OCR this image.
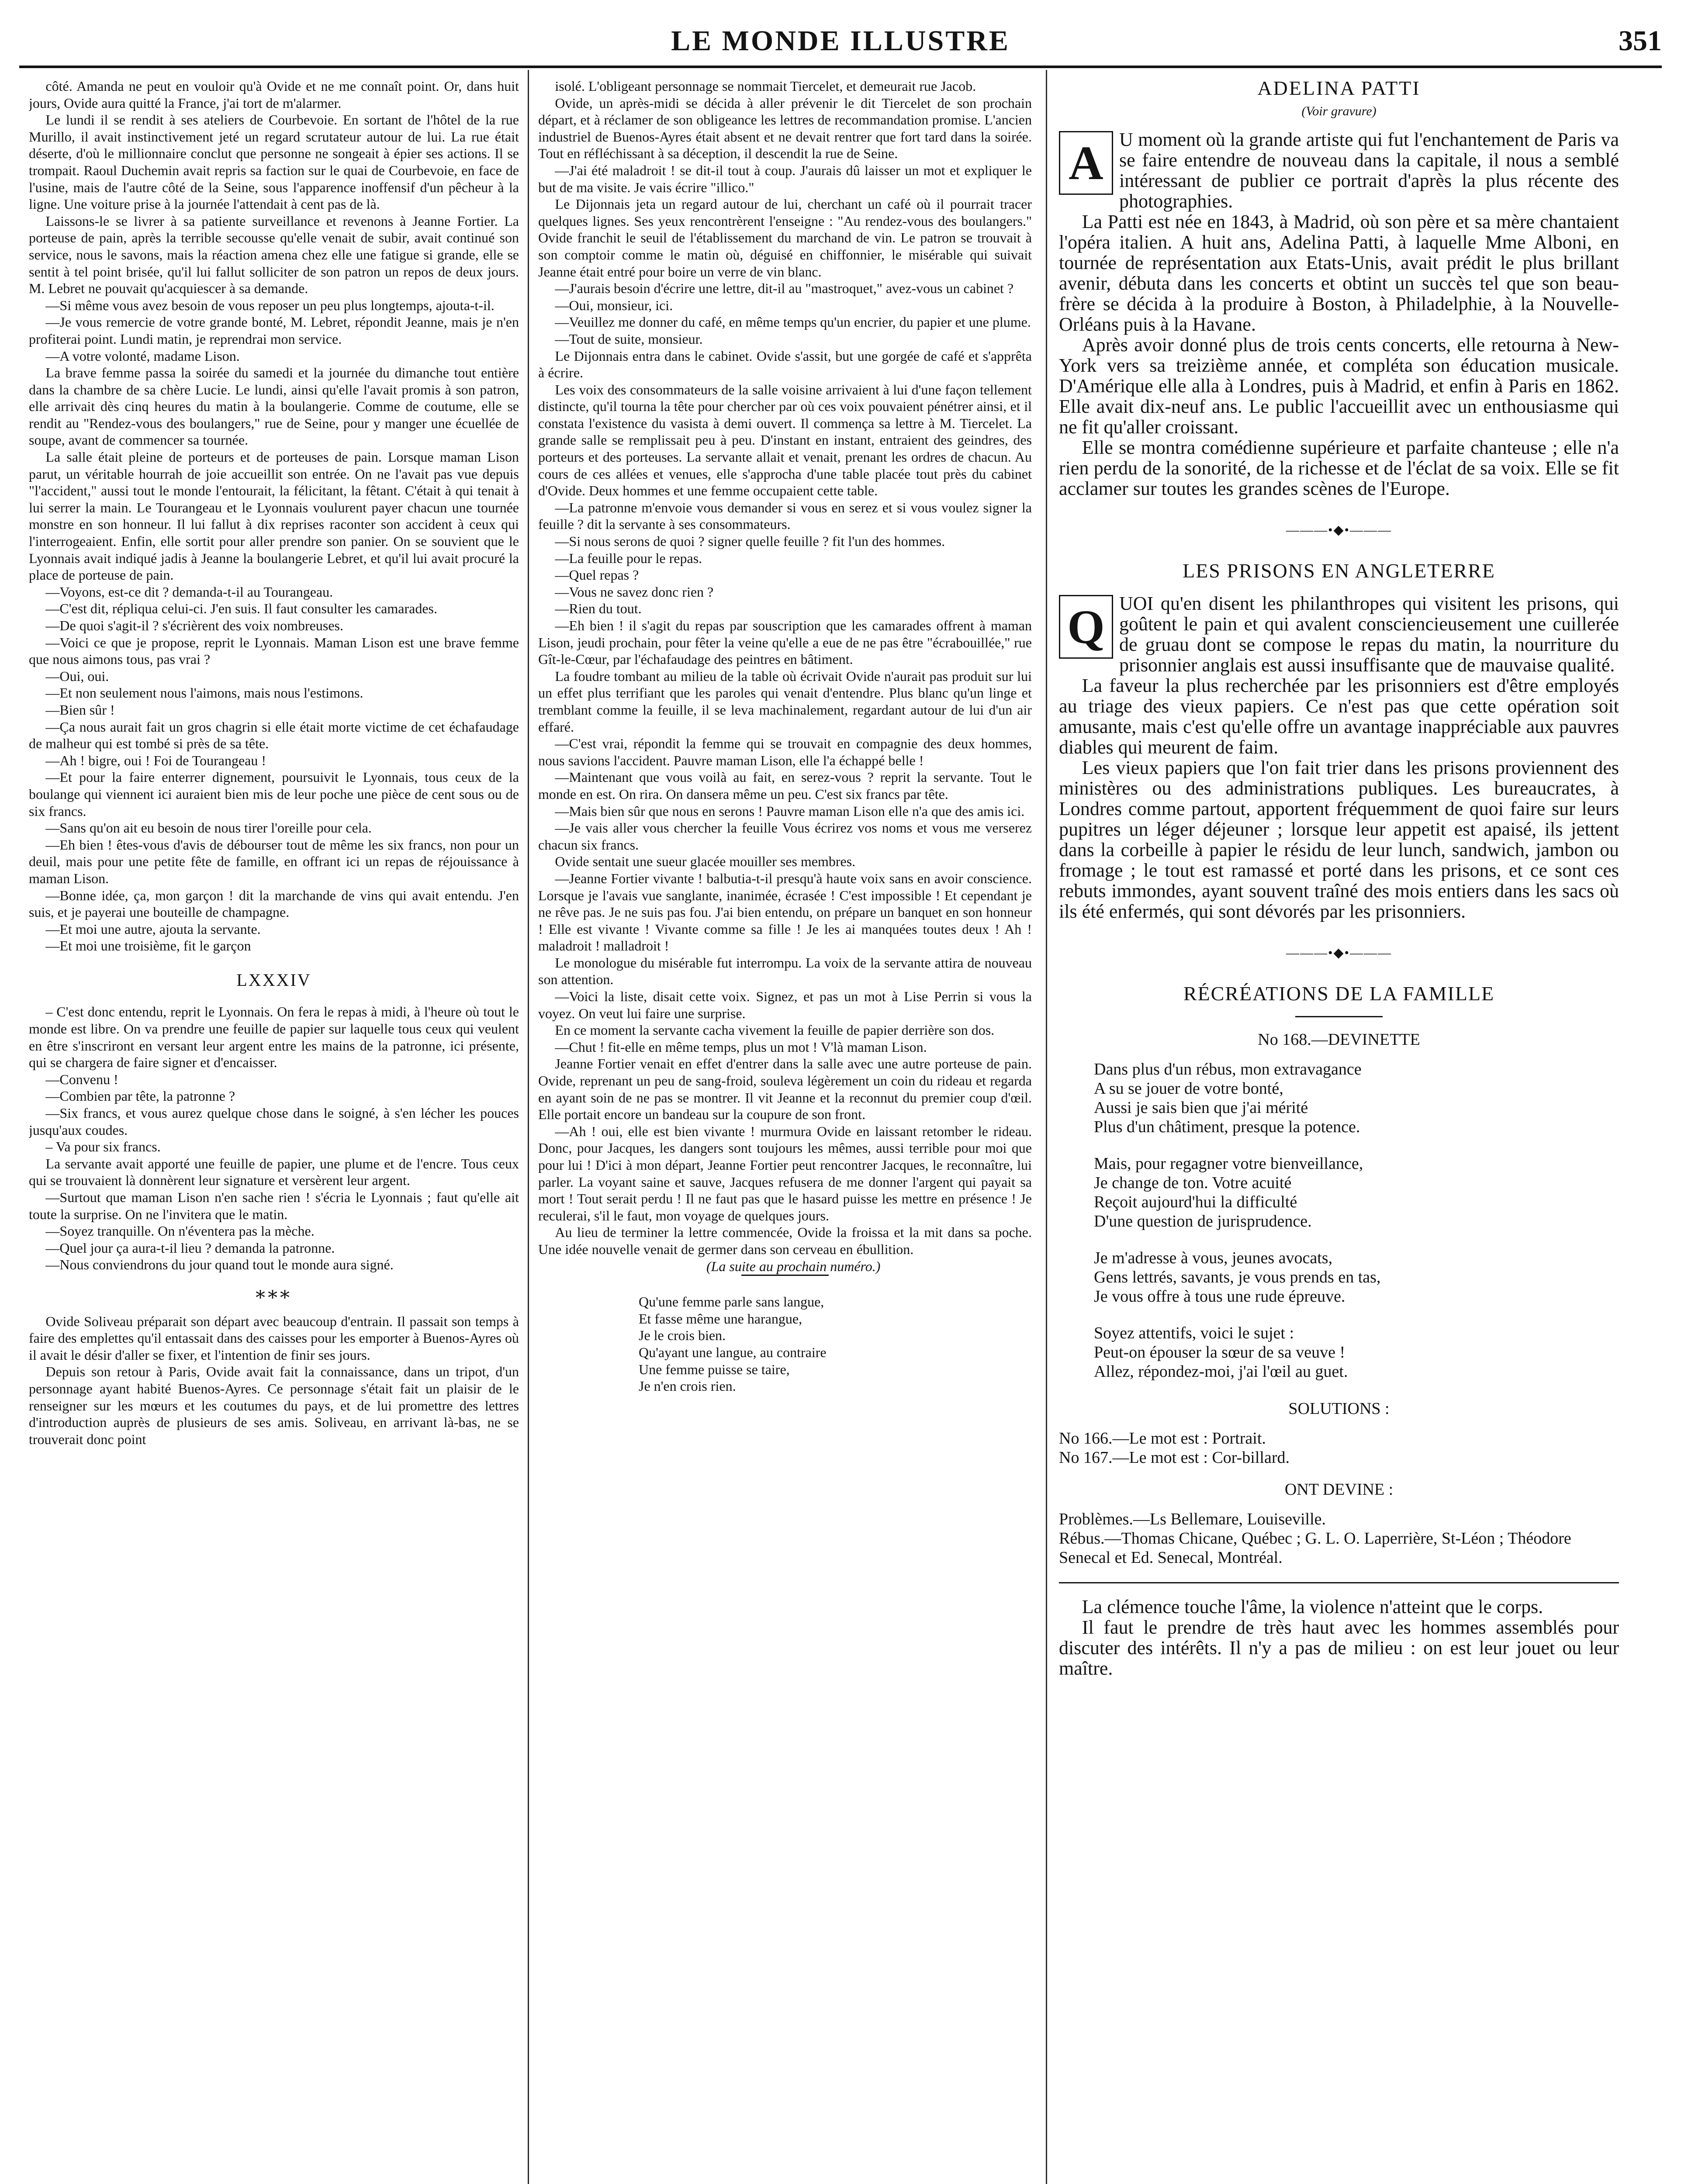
LE MONDE ILLUSTRE	351

côté. Amanda ne peut en vouloir qu'à Ovide et ne me connaît point. Or, dans huit jours, Ovide aura quitté la France, j'ai tort de m'alarmer.

Le lundi il se rendit à ses ateliers de Courbevoie. En sortant de l'hôtel de la rue Murillo, il avait instinctivement jeté un regard scrutateur autour de lui. La rue était déserte, d'où le millionnaire conclut que personne ne songeait à épier ses actions. Il se trompait. Raoul Duchemin avait repris sa faction sur le quai de Courbevoie, en face de l'usine, mais de l'autre côté de la Seine, sous l'apparence inoffensif d'un pêcheur à la ligne. Une voiture prise à la journée l'attendait à cent pas de là.

Laissons-le se livrer à sa patiente surveillance et revenons à Jeanne Fortier. La porteuse de pain, après la terrible secousse qu'elle venait de subir, avait continué son service, nous le savons, mais la réaction amena chez elle une fatigue si grande, elle se sentit à tel point brisée, qu'il lui fallut solliciter de son patron un repos de deux jours. M. Lebret ne pouvait qu'acquiescer à sa demande.

—Si même vous avez besoin de vous reposer un peu plus longtemps, ajouta-t-il.

—Je vous remercie de votre grande bonté, M. Lebret, répondit Jeanne, mais je n'en profiterai point. Lundi matin, je reprendrai mon service.

—A votre volonté, madame Lison.

La brave femme passa la soirée du samedi et la journée du dimanche tout entière dans la chambre de sa chère Lucie. Le lundi, ainsi qu'elle l'avait promis à son patron, elle arrivait dès cinq heures du matin à la boulangerie. Comme de coutume, elle se rendit au "Rendez-vous des boulangers," rue de Seine, pour y manger une écuellée de soupe, avant de commencer sa tournée.

La salle était pleine de porteurs et de porteuses de pain. Lorsque maman Lison parut, un véritable hourrah de joie accueillit son entrée. On ne l'avait pas vue depuis "l'accident," aussi tout le monde l'entourait, la félicitant, la fêtant. C'était à qui tenait à lui serrer la main. Le Tourangeau et le Lyonnais voulurent payer chacun une tournée monstre en son honneur. Il lui fallut à dix reprises raconter son accident à ceux qui l'interrogeaient. Enfin, elle sortit pour aller prendre son panier. On se souvient que le Lyonnais avait indiqué jadis à Jeanne la boulangerie Lebret, et qu'il lui avait procuré la place de porteuse de pain.

—Voyons, est-ce dit ? demanda-t-il au Tourangeau.

—C'est dit, répliqua celui-ci. J'en suis. Il faut consulter les camarades.

—De quoi s'agit-il ? s'écrièrent des voix nombreuses.

—Voici ce que je propose, reprit le Lyonnais. Maman Lison est une brave femme que nous aimons tous, pas vrai ?

—Oui, oui.

—Et non seulement nous l'aimons, mais nous l'estimons.

—Bien sûr !

—Ça nous aurait fait un gros chagrin si elle était morte victime de cet échafaudage de malheur qui est tombé si près de sa tête.

—Ah ! bigre, oui ! Foi de Tourangeau !

—Et pour la faire enterrer dignement, poursuivit le Lyonnais, tous ceux de la boulange qui viennent ici auraient bien mis de leur poche une pièce de cent sous ou de six francs.

—Sans qu'on ait eu besoin de nous tirer l'oreille pour cela.

—Eh bien ! êtes-vous d'avis de débourser tout de même les six francs, non pour un deuil, mais pour une petite fête de famille, en offrant ici un repas de réjouissance à maman Lison.

—Bonne idée, ça, mon garçon ! dit la marchande de vins qui avait entendu. J'en suis, et je payerai une bouteille de champagne.

—Et moi une autre, ajouta la servante.

—Et moi une troisième, fit le garçon

LXXXIV

– C'est donc entendu, reprit le Lyonnais. On fera le repas à midi, à l'heure où tout le monde est libre. On va prendre une feuille de papier sur laquelle tous ceux qui veulent en être s'inscriront en versant leur argent entre les mains de la patronne, ici présente, qui se chargera de faire signer et d'encaisser.

—Convenu !

—Combien par tête, la patronne ?

—Six francs, et vous aurez quelque chose dans le soigné, à s'en lécher les pouces jusqu'aux coudes.

– Va pour six francs.

La servante avait apporté une feuille de papier, une plume et de l'encre. Tous ceux qui se trouvaient là donnèrent leur signature et versèrent leur argent.

—Surtout que maman Lison n'en sache rien ! s'écria le Lyonnais ; faut qu'elle ait toute la surprise. On ne l'invitera que le matin.

—Soyez tranquille. On n'éventera pas la mèche.

—Quel jour ça aura-t-il lieu ? demanda la patronne.

—Nous conviendrons du jour quand tout le monde aura signé.

⁎⁎⁎

Ovide Soliveau préparait son départ avec beaucoup d'entrain. Il passait son temps à faire des emplettes qu'il entassait dans des caisses pour les emporter à Buenos-Ayres où il avait le désir d'aller se fixer, et l'intention de finir ses jours.

Depuis son retour à Paris, Ovide avait fait la connaissance, dans un tripot, d'un personnage ayant habité Buenos-Ayres. Ce personnage s'était fait un plaisir de le renseigner sur les mœurs et les coutumes du pays, et de lui promettre des lettres d'introduction auprès de plusieurs de ses amis. Soliveau, en arrivant là-bas, ne se trouverait donc point

isolé. L'obligeant personnage se nommait Tiercelet, et demeurait rue Jacob.

Ovide, un après-midi se décida à aller prévenir le dit Tiercelet de son prochain départ, et à réclamer de son obligeance les lettres de recommandation promise. L'ancien industriel de Buenos-Ayres était absent et ne devait rentrer que fort tard dans la soirée. Tout en réfléchissant à sa déception, il descendit la rue de Seine.

—J'ai été maladroit ! se dit-il tout à coup. J'aurais dû laisser un mot et expliquer le but de ma visite. Je vais écrire "illico."

Le Dijonnais jeta un regard autour de lui, cherchant un café où il pourrait tracer quelques lignes. Ses yeux rencontrèrent l'enseigne : "Au rendez-vous des boulangers." Ovide franchit le seuil de l'établissement du marchand de vin. Le patron se trouvait à son comptoir comme le matin où, déguisé en chiffonnier, le misérable qui suivait Jeanne était entré pour boire un verre de vin blanc.

—J'aurais besoin d'écrire une lettre, dit-il au "mastroquet," avez-vous un cabinet ?

—Oui, monsieur, ici.

—Veuillez me donner du café, en même temps qu'un encrier, du papier et une plume.

—Tout de suite, monsieur.

Le Dijonnais entra dans le cabinet. Ovide s'assit, but une gorgée de café et s'apprêta à écrire.

Les voix des consommateurs de la salle voisine arrivaient à lui d'une façon tellement distincte, qu'il tourna la tête pour chercher par où ces voix pouvaient pénétrer ainsi, et il constata l'existence du vasista à demi ouvert. Il commença sa lettre à M. Tiercelet. La grande salle se remplissait peu à peu. D'instant en instant, entraient des geindres, des porteurs et des porteuses. La servante allait et venait, prenant les ordres de chacun. Au cours de ces allées et venues, elle s'approcha d'une table placée tout près du cabinet d'Ovide. Deux hommes et une femme occupaient cette table.

—La patronne m'envoie vous demander si vous en serez et si vous voulez signer la feuille ? dit la servante à ses consommateurs.

—Si nous serons de quoi ? signer quelle feuille ? fit l'un des hommes.

—La feuille pour le repas.

—Quel repas ?

—Vous ne savez donc rien ?

—Rien du tout.

—Eh bien ! il s'agit du repas par souscription que les camarades offrent à maman Lison, jeudi prochain, pour fêter la veine qu'elle a eue de ne pas être "écrabouillée," rue Gît-le-Cœur, par l'échafaudage des peintres en bâtiment.

La foudre tombant au milieu de la table où écrivait Ovide n'aurait pas produit sur lui un effet plus terrifiant que les paroles qui venait d'entendre. Plus blanc qu'un linge et tremblant comme la feuille, il se leva machinalement, regardant autour de lui d'un air effaré.

—C'est vrai, répondit la femme qui se trouvait en compagnie des deux hommes, nous savions l'accident. Pauvre maman Lison, elle l'a échappé belle !

—Maintenant que vous voilà au fait, en serez-vous ? reprit la servante. Tout le monde en est. On rira. On dansera même un peu. C'est six francs par tête.

—Mais bien sûr que nous en serons ! Pauvre maman Lison elle n'a que des amis ici.

—Je vais aller vous chercher la feuille Vous écrirez vos noms et vous me verserez chacun six francs.

Ovide sentait une sueur glacée mouiller ses membres.

—Jeanne Fortier vivante ! balbutia-t-il presqu'à haute voix sans en avoir conscience. Lorsque je l'avais vue sanglante, inanimée, écrasée ! C'est impossible ! Et cependant je ne rêve pas. Je ne suis pas fou. J'ai bien entendu, on prépare un banquet en son honneur ! Elle est vivante ! Vivante comme sa fille ! Je les ai manquées toutes deux ! Ah ! maladroit ! malladroit !

Le monologue du misérable fut interrompu. La voix de la servante attira de nouveau son attention.

—Voici la liste, disait cette voix. Signez, et pas un mot à Lise Perrin si vous la voyez. On veut lui faire une surprise.

En ce moment la servante cacha vivement la feuille de papier derrière son dos.

—Chut ! fit-elle en même temps, plus un mot ! V'là maman Lison.

Jeanne Fortier venait en effet d'entrer dans la salle avec une autre porteuse de pain. Ovide, reprenant un peu de sang-froid, souleva légèrement un coin du rideau et regarda en ayant soin de ne pas se montrer. Il vit Jeanne et la reconnut du premier coup d'œil. Elle portait encore un bandeau sur la coupure de son front.

—Ah ! oui, elle est bien vivante ! murmura Ovide en laissant retomber le rideau. Donc, pour Jacques, les dangers sont toujours les mêmes, aussi terrible pour moi que pour lui ! D'ici à mon départ, Jeanne Fortier peut rencontrer Jacques, le reconnaître, lui parler. La voyant saine et sauve, Jacques refusera de me donner l'argent qui payait sa mort ! Tout serait perdu ! Il ne faut pas que le hasard puisse les mettre en présence ! Je reculerai, s'il le faut, mon voyage de quelques jours.

Au lieu de terminer la lettre commencée, Ovide la froissa et la mit dans sa poche. Une idée nouvelle venait de germer dans son cerveau en ébullition.

(La suite au prochain numéro.)

Qu'une femme parle sans langue,
Et fasse même une harangue,
Je le crois bien.
Qu'ayant une langue, au contraire
Une femme puisse se taire,
Je n'en crois rien.
ADELINA PATTI
(Voir gravure)
A U moment où la grande artiste qui fut l'enchantement de Paris va se faire entendre de nouveau dans la capitale, il nous a semblé intéressant de publier ce portrait d'après la plus récente des photographies.

La Patti est née en 1843, à Madrid, où son père et sa mère chantaient l'opéra italien. A huit ans, Adelina Patti, à laquelle Mme Alboni, en tournée de représentation aux Etats-Unis, avait prédit le plus brillant avenir, débuta dans les concerts et obtint un succès tel que son beau-frère se décida à la produire à Boston, à Philadelphie, à la Nouvelle-Orléans puis à la Havane.

Après avoir donné plus de trois cents concerts, elle retourna à New-York vers sa treizième année, et compléta son éducation musicale. D'Amérique elle alla à Londres, puis à Madrid, et enfin à Paris en 1862. Elle avait dix-neuf ans. Le public l'accueillit avec un enthousiasme qui ne fit qu'aller croissant.

Elle se montra comédienne supérieure et parfaite chanteuse ; elle n'a rien perdu de la sonorité, de la richesse et de l'éclat de sa voix. Elle se fit acclamer sur toutes les grandes scènes de l'Europe.

———•◆•———
LES PRISONS EN ANGLETERRE
Q UOI qu'en disent les philanthropes qui visitent les prisons, qui goûtent le pain et qui avalent consciencieusement une cuillerée de gruau dont se compose le repas du matin, la nourriture du prisonnier anglais est aussi insuffisante que de mauvaise qualité.

La faveur la plus recherchée par les prisonniers est d'être employés au triage des vieux papiers. Ce n'est pas que cette opération soit amusante, mais c'est qu'elle offre un avantage inappréciable aux pauvres diables qui meurent de faim.

Les vieux papiers que l'on fait trier dans les prisons proviennent des ministères ou des administrations publiques. Les bureaucrates, à Londres comme partout, apportent fréquemment de quoi faire sur leurs pupitres un léger déjeuner ; lorsque leur appetit est apaisé, ils jettent dans la corbeille à papier le résidu de leur lunch, sandwich, jambon ou fromage ; le tout est ramassé et porté dans les prisons, et ce sont ces rebuts immondes, ayant souvent traîné des mois entiers dans les sacs où ils été enfermés, qui sont dévorés par les prisonniers.

———•◆•———
RÉCRÉATIONS DE LA FAMILLE
No 168.—DEVINETTE
Dans plus d'un rébus, mon extravagance
A su se jouer de votre bonté,
Aussi je sais bien que j'ai mérité
Plus d'un châtiment, presque la potence.
Mais, pour regagner votre bienveillance,
Je change de ton. Votre acuité
Reçoit aujourd'hui la difficulté
D'une question de jurisprudence.
Je m'adresse à vous, jeunes avocats,
Gens lettrés, savants, je vous prends en tas,
Je vous offre à tous une rude épreuve.
Soyez attentifs, voici le sujet :
Peut-on épouser la sœur de sa veuve !
Allez, répondez-moi, j'ai l'œil au guet.
SOLUTIONS :

No 166.—Le mot est : Portrait.

No 167.—Le mot est : Cor-billard.

ONT DEVINE :

Problèmes.—Ls Bellemare, Louiseville.

Rébus.—Thomas Chicane, Québec ; G. L. O. Laperrière, St-Léon ; Théodore Senecal et Ed. Senecal, Montréal.

La clémence touche l'âme, la violence n'atteint que le corps.

Il faut le prendre de très haut avec les hommes assemblés pour discuter des intérêts. Il n'y a pas de milieu : on est leur jouet ou leur maître.
